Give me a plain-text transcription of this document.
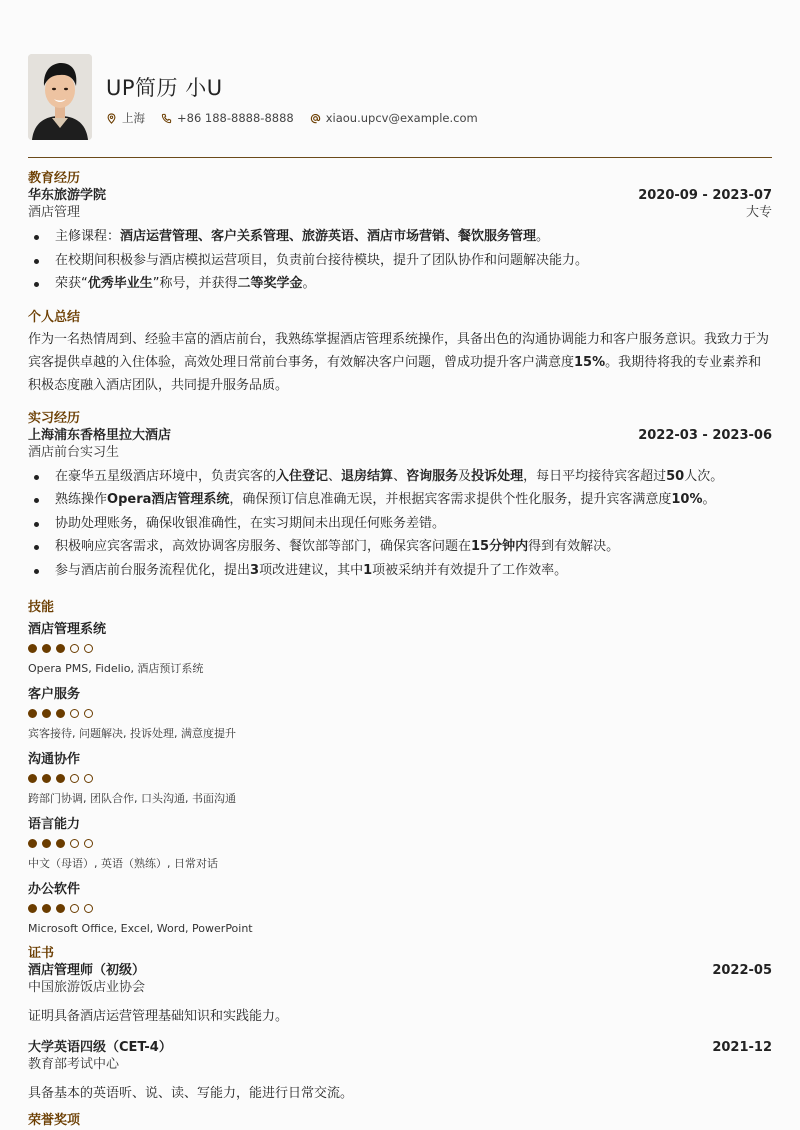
UP简历 小U
上海	+86 188-8888-8888	xiaou.upcv@example.com
教育经历
华东旅游学院	2020-09 - 2023-07
酒店管理	大专
主修课程：酒店运营管理、客户关系管理、旅游英语、酒店市场营销、餐饮服务管理。
在校期间积极参与酒店模拟运营项目，负责前台接待模块，提升了团队协作和问题解决能力。
荣获“优秀毕业生”称号，并获得二等奖学金。
个人总结
作为一名热情周到、经验丰富的酒店前台，我熟练掌握酒店管理系统操作，具备出色的沟通协调能力和客户服务意识。我致力于为宾客提供卓越的入住体验，高效处理日常前台事务，有效解决客户问题，曾成功提升客户满意度15%。我期待将我的专业素养和积极态度融入酒店团队，共同提升服务品质。
实习经历
上海浦东香格里拉大酒店	2022-03 - 2023-06
酒店前台实习生
在豪华五星级酒店环境中，负责宾客的入住登记、退房结算、咨询服务及投诉处理，每日平均接待宾客超过50人次。
熟练操作Opera酒店管理系统，确保预订信息准确无误，并根据宾客需求提供个性化服务，提升宾客满意度10%。
协助处理账务，确保收银准确性，在实习期间未出现任何账务差错。
积极响应宾客需求，高效协调客房服务、餐饮部等部门，确保宾客问题在15分钟内得到有效解决。
参与酒店前台服务流程优化，提出3项改进建议，其中1项被采纳并有效提升了工作效率。
技能
酒店管理系统
Opera PMS, Fidelio, 酒店预订系统
客户服务
宾客接待, 问题解决, 投诉处理, 满意度提升
沟通协作
跨部门协调, 团队合作, 口头沟通, 书面沟通
语言能力
中文（母语）, 英语（熟练）, 日常对话
办公软件
Microsoft Office, Excel, Word, PowerPoint
证书
酒店管理师（初级）	2022-05
中国旅游饭店业协会
证明具备酒店运营管理基础知识和实践能力。
大学英语四级（CET-4）	2021-12
教育部考试中心
具备基本的英语听、说、读、写能力，能进行日常交流。
荣誉奖项
